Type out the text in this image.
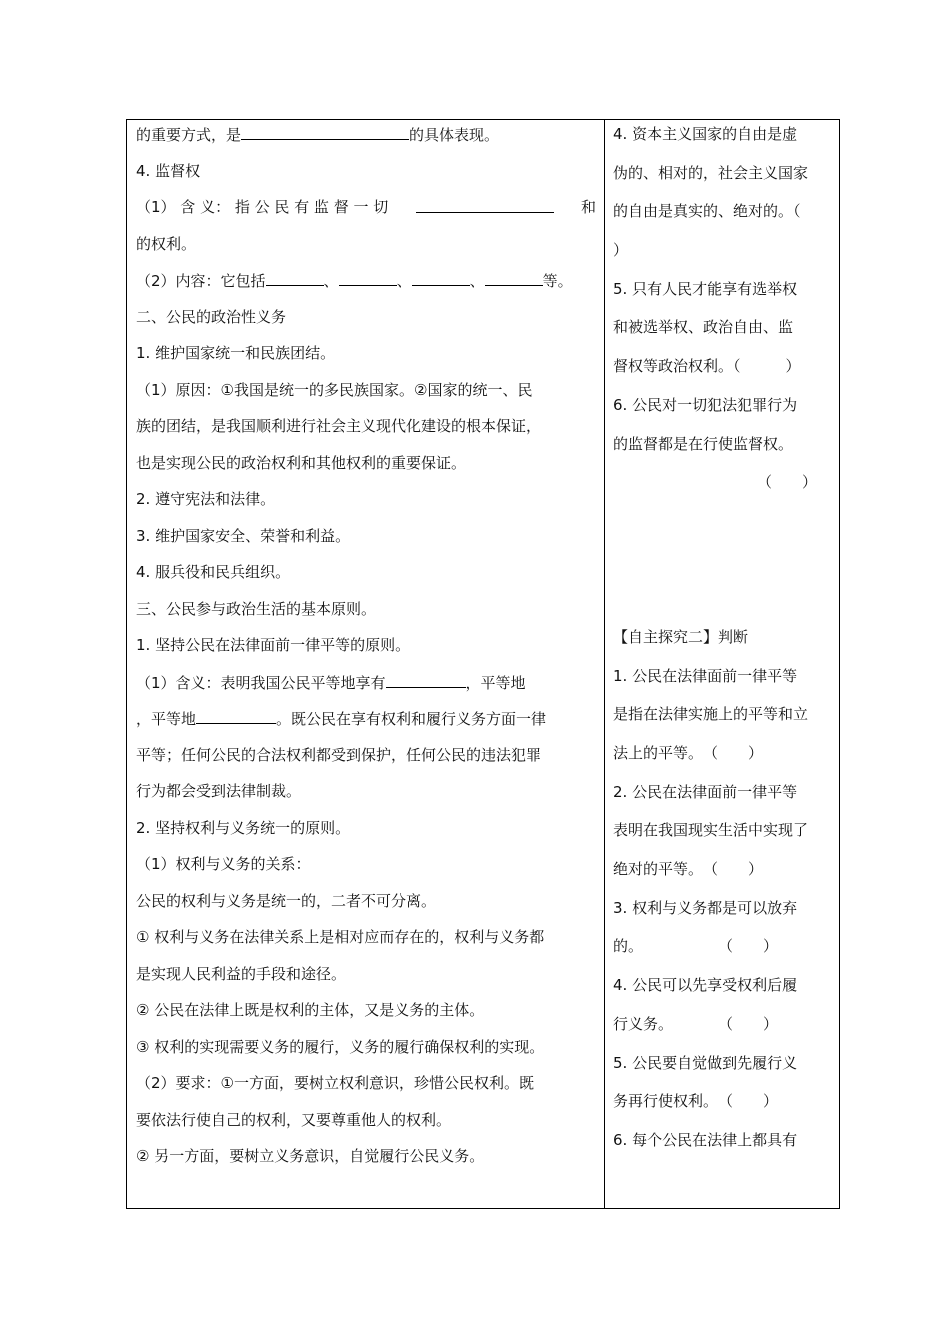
的重要方式，是	的具体表现。
4. 监督权
（1） 含 义： 指 公 民 有 监 督 一 切	和
的权利。
（2）内容：它包括	、	、	、	等。
二、公民的政治性义务
1. 维护国家统一和民族团结。
（1）原因：①我国是统一的多民族国家。②国家的统一、民
族的团结，是我国顺利进行社会主义现代化建设的根本保证，
也是实现公民的政治权利和其他权利的重要保证。
2. 遵守宪法和法律。
3. 维护国家安全、荣誉和利益。
4. 服兵役和民兵组织。
三、公民参与政治生活的基本原则。
1. 坚持公民在法律面前一律平等的原则。
（1）含义：表明我国公民平等地享有	，平等地
，平等地	。既公民在享有权利和履行义务方面一律
平等；任何公民的合法权利都受到保护，任何公民的违法犯罪
行为都会受到法律制裁。
2. 坚持权利与义务统一的原则。
（1）权利与义务的关系：
公民的权利与义务是统一的，二者不可分离。
① 权利与义务在法律关系上是相对应而存在的，权利与义务都
是实现人民利益的手段和途径。
② 公民在法律上既是权利的主体，又是义务的主体。
③ 权利的实现需要义务的履行，义务的履行确保权利的实现。
（2）要求：①一方面，要树立权利意识，珍惜公民权利。既
要依法行使自己的权利，又要尊重他人的权利。
② 另一方面，要树立义务意识，自觉履行公民义务。
4. 资本主义国家的自由是虚
伪的、相对的，社会主义国家
的自由是真实的、绝对的。（
）
5. 只有人民才能享有选举权
和被选举权、政治自由、监
督权等政治权利。（　　　）
6. 公民对一切犯法犯罪行为
的监督都是在行使监督权。
（　　）
【自主探究二】判断
1. 公民在法律面前一律平等
是指在法律实施上的平等和立
法上的平等。　（　　）
2. 公民在法律面前一律平等
表明在我国现实生活中实现了
绝对的平等。　（　　）
3. 权利与义务都是可以放弃
的。　　　　　　（　　）
4. 公民可以先享受权利后履
行义务。　　　　（　　）
5. 公民要自觉做到先履行义
务再行使权利。　（　　）
6. 每个公民在法律上都具有
